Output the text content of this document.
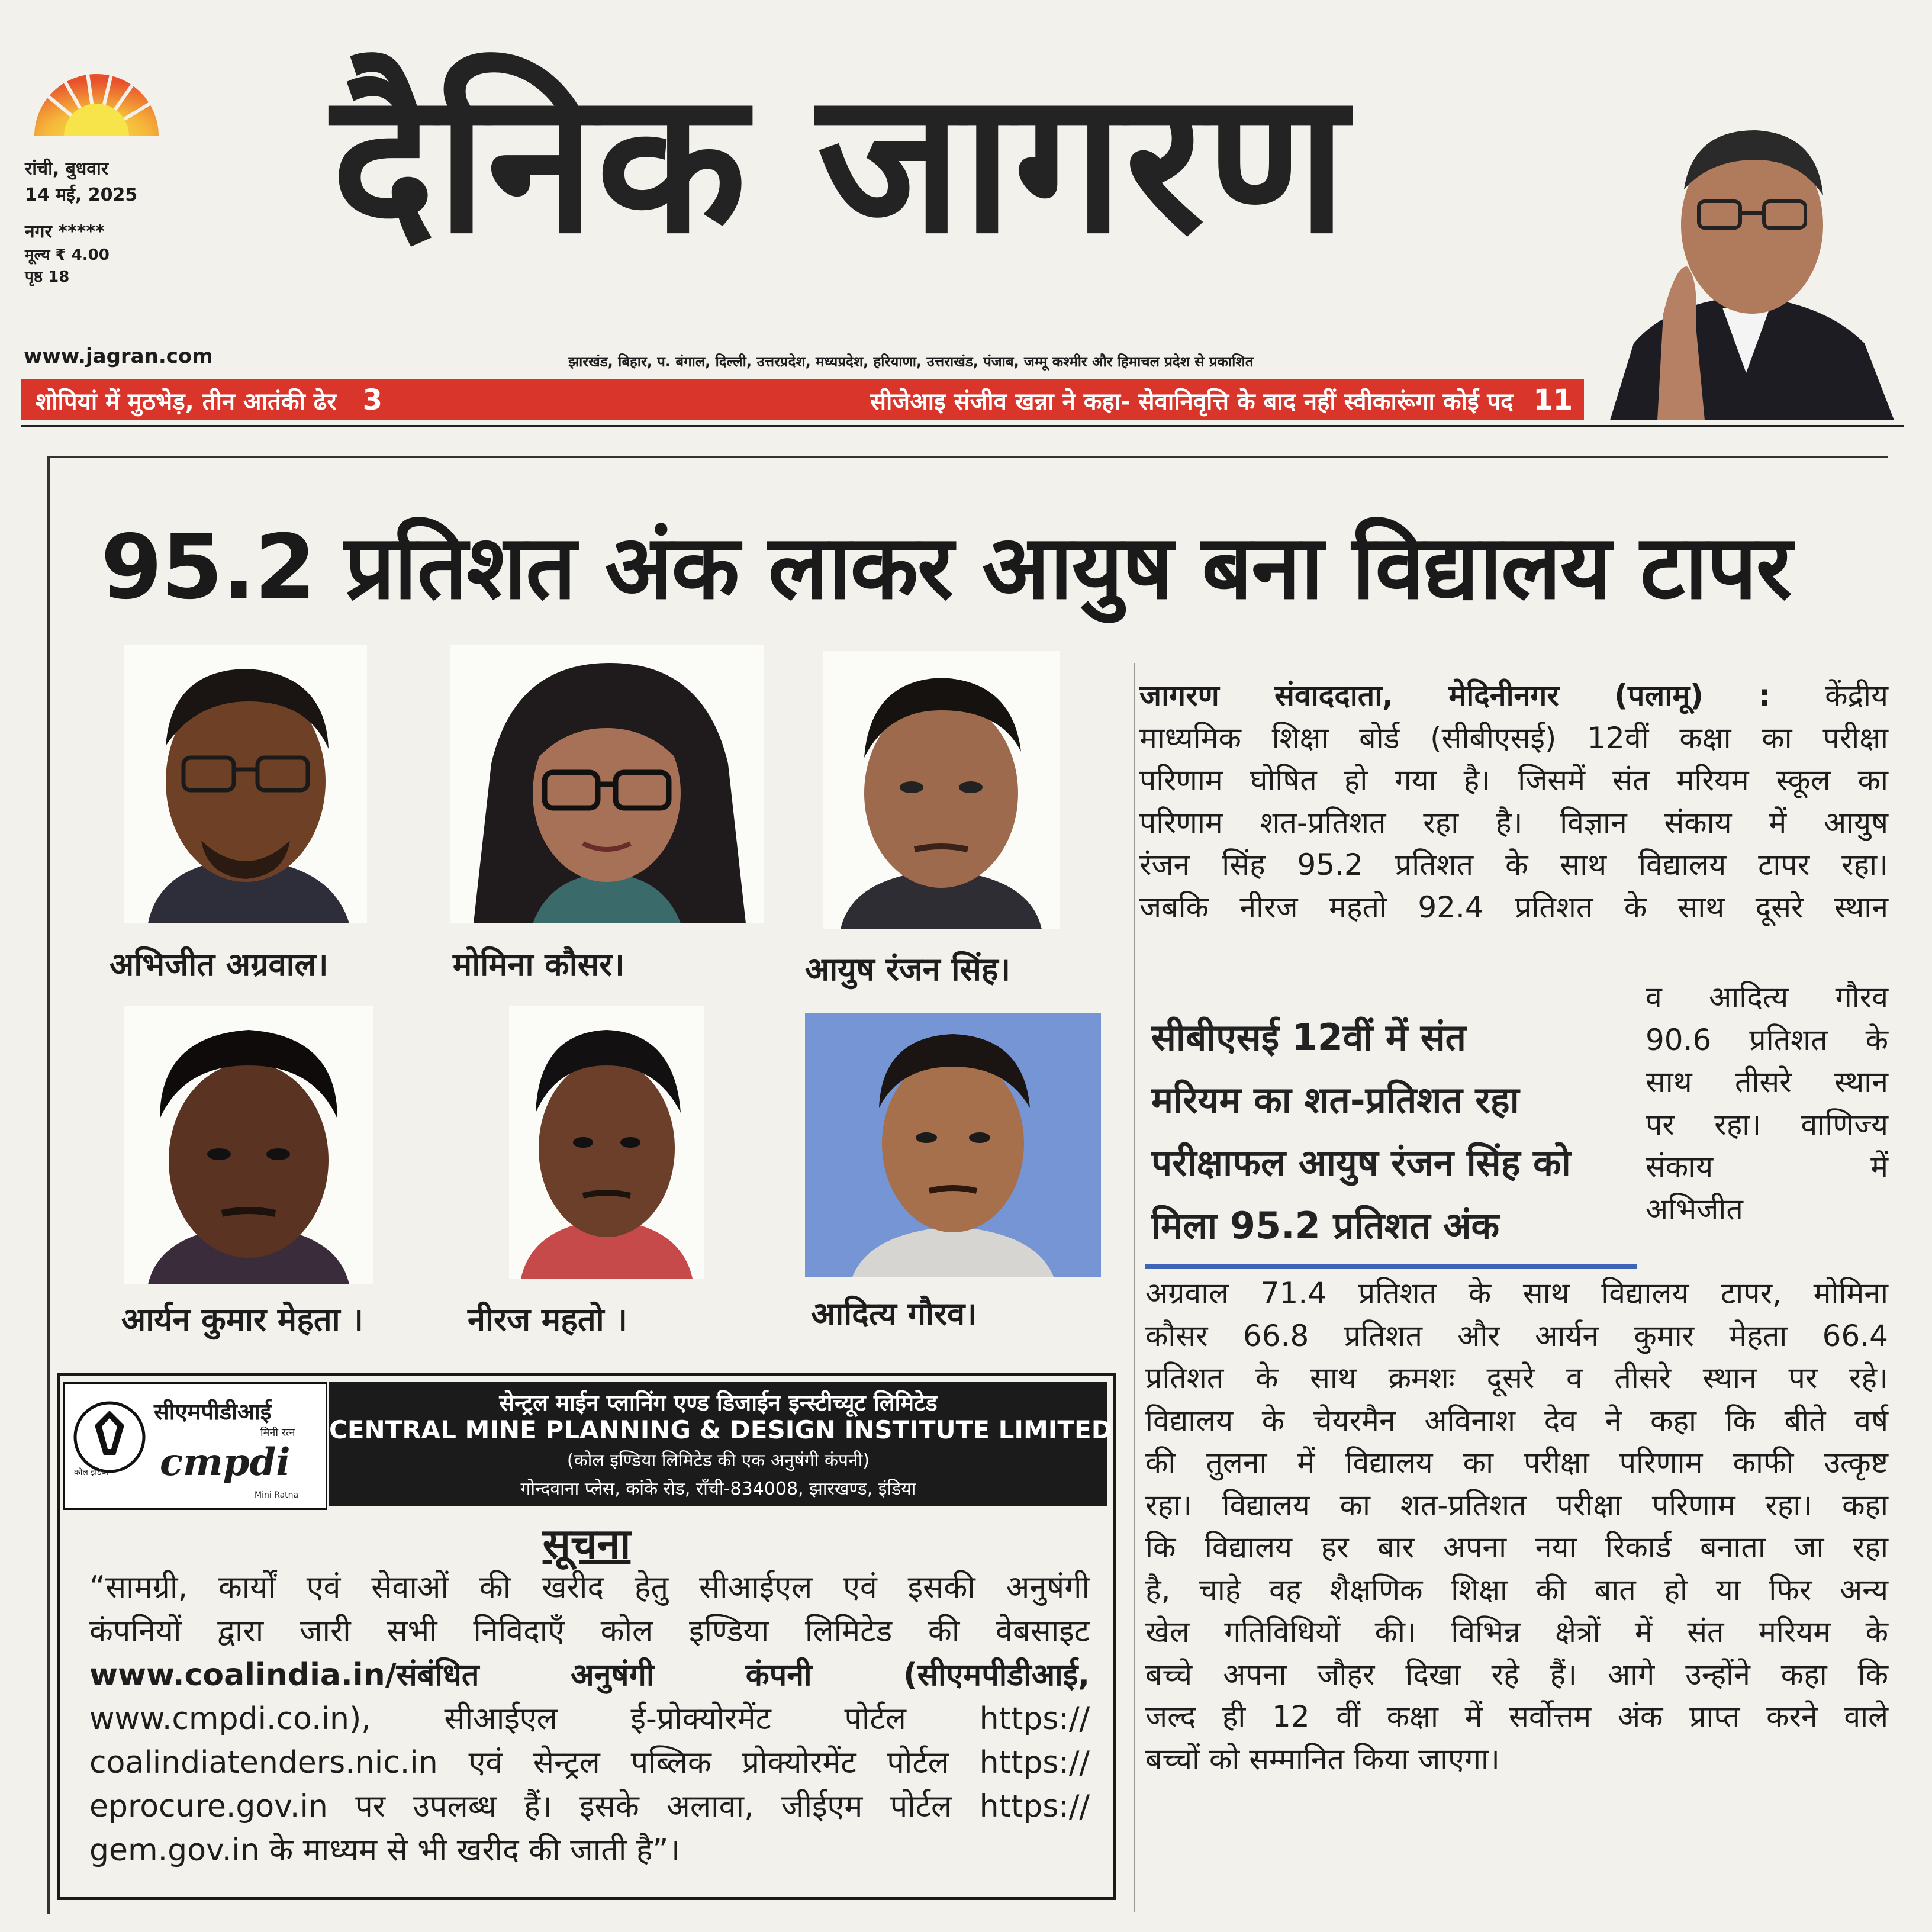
रांची, बुधवार
14 मई, 2025
नगर *****
मूल्य ₹ 4.00
पृष्ठ 18
दैनिक जागरण
www.jagran.com	झारखंड, बिहार, प. बंगाल, दिल्ली, उत्तरप्रदेश, मध्यप्रदेश, हरियाणा, उत्तराखंड, पंजाब, जम्मू कश्मीर और हिमाचल प्रदेश से प्रकाशित
शोपियां में मुठभेड़, तीन आतंकी ढेर 3	सीजेआइ संजीव खन्ना ने कहा- सेवानिवृत्ति के बाद नहीं स्वीकारूंगा कोई पद 11
95.2 प्रतिशत अंक लाकर आयुष बना विद्यालय टापर
अभिजीत अग्रवाल।	मोमिना कौसर।	आयुष रंजन सिंह।
आर्यन कुमार मेहता ।	नीरज महतो ।	आदित्य गौरव।

जागरण संवाददाता, मेदिनीनगर (पलामू) : केंद्रीय

माध्यमिक शिक्षा बोर्ड (सीबीएसई) 12वीं कक्षा का परीक्षा

परिणाम घोषित हो गया है। जिसमें संत मरियम स्कूल का

परिणाम शत-प्रतिशत रहा है। विज्ञान संकाय में आयुष

रंजन सिंह 95.2 प्रतिशत के साथ विद्यालय टापर रहा।

जबकि नीरज महतो 92.4 प्रतिशत के साथ दूसरे स्थान

सीबीएसई 12वीं में संत
मरियम का शत-प्रतिशत रहा
परीक्षाफल आयुष रंजन सिंह को
मिला 95.2 प्रतिशत अंक

व आदित्य गौरव

90.6 प्रतिशत के

साथ तीसरे स्थान

पर रहा। वाणिज्य

संकाय में

अभिजीत

अग्रवाल 71.4 प्रतिशत के साथ विद्यालय टापर, मोमिना

कौसर 66.8 प्रतिशत और आर्यन कुमार मेहता 66.4

प्रतिशत के साथ क्रमशः दूसरे व तीसरे स्थान पर रहे।

विद्यालय के चेयरमैन अविनाश देव ने कहा कि बीते वर्ष

की तुलना में विद्यालय का परीक्षा परिणाम काफी उत्कृष्ट

रहा। विद्यालय का शत-प्रतिशत परीक्षा परिणाम रहा। कहा

कि विद्यालय हर बार अपना नया रिकार्ड बनाता जा रहा

है, चाहे वह शैक्षणिक शिक्षा की बात हो या फिर अन्य

खेल गतिविधियों की। विभिन्न क्षेत्रों में संत मरियम के

बच्चे अपना जौहर दिखा रहे हैं। आगे उन्होंने कहा कि

जल्द ही 12 वीं कक्षा में सर्वोत्तम अंक प्राप्त करने वाले

बच्चों को सम्मानित किया जाएगा।

कोल इंडिया
सीएमपीडीआई
मिनी रत्न
cmpdi
Mini Ratna
सेन्ट्रल माईन प्लानिंग एण्ड डिजाईन इन्स्टीच्यूट लिमिटेड
CENTRAL MINE PLANNING & DESIGN INSTITUTE LIMITED
(कोल इण्डिया लिमिटेड की एक अनुषंगी कंपनी)
गोन्दवाना प्लेस, कांके रोड, राँची-834008, झारखण्ड, इंडिया
सूचना
“सामग्री, कार्यों एवं सेवाओं की खरीद हेतु सीआईएल एवं इसकी अनुषंगी
कंपनियों द्वारा जारी सभी निविदाएँ कोल इण्डिया लिमिटेड की वेबसाइट
www.coalindia.in/संबंधित अनुषंगी कंपनी (सीएमपीडीआई,
www.cmpdi.co.in), सीआईएल ई-प्रोक्योरमेंट पोर्टल https://
coalindiatenders.nic.in एवं सेन्ट्रल पब्लिक प्रोक्योरमेंट पोर्टल https://
eprocure.gov.in पर उपलब्ध हैं। इसके अलावा, जीईएम पोर्टल https://
gem.gov.in के माध्यम से भी खरीद की जाती है”।
